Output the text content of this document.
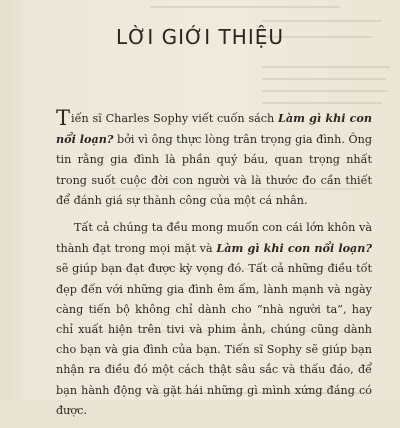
LỜI GIỚI THIỆU

Tiến sĩ Charles Sophy viết cuốn sách Làm gì khi con nổi loạn? bởi vì ông thực lòng trân trọng gia đình. Ông tin rằng gia đình là phần quý báu, quan trọng nhất trong suốt cuộc đời con người và là thước đo cần thiết để đánh giá sự thành công của một cá nhân.

Tất cả chúng ta đều mong muốn con cái lớn khôn và thành đạt trong mọi mặt và Làm gì khi con nổi loạn? sẽ giúp bạn đạt được kỳ vọng đó. Tất cả những điều tốt đẹp đến với những gia đình êm ấm, lành mạnh và ngày càng tiến bộ không chỉ dành cho “nhà người ta”, hay chỉ xuất hiện trên tivi và phim ảnh, chúng cũng dành cho bạn và gia đình của bạn. Tiến sĩ Sophy sẽ giúp bạn nhận ra điều đó một cách thật sâu sắc và thấu đáo, để bạn hành động và gặt hái những gì mình xứng đáng có được.
